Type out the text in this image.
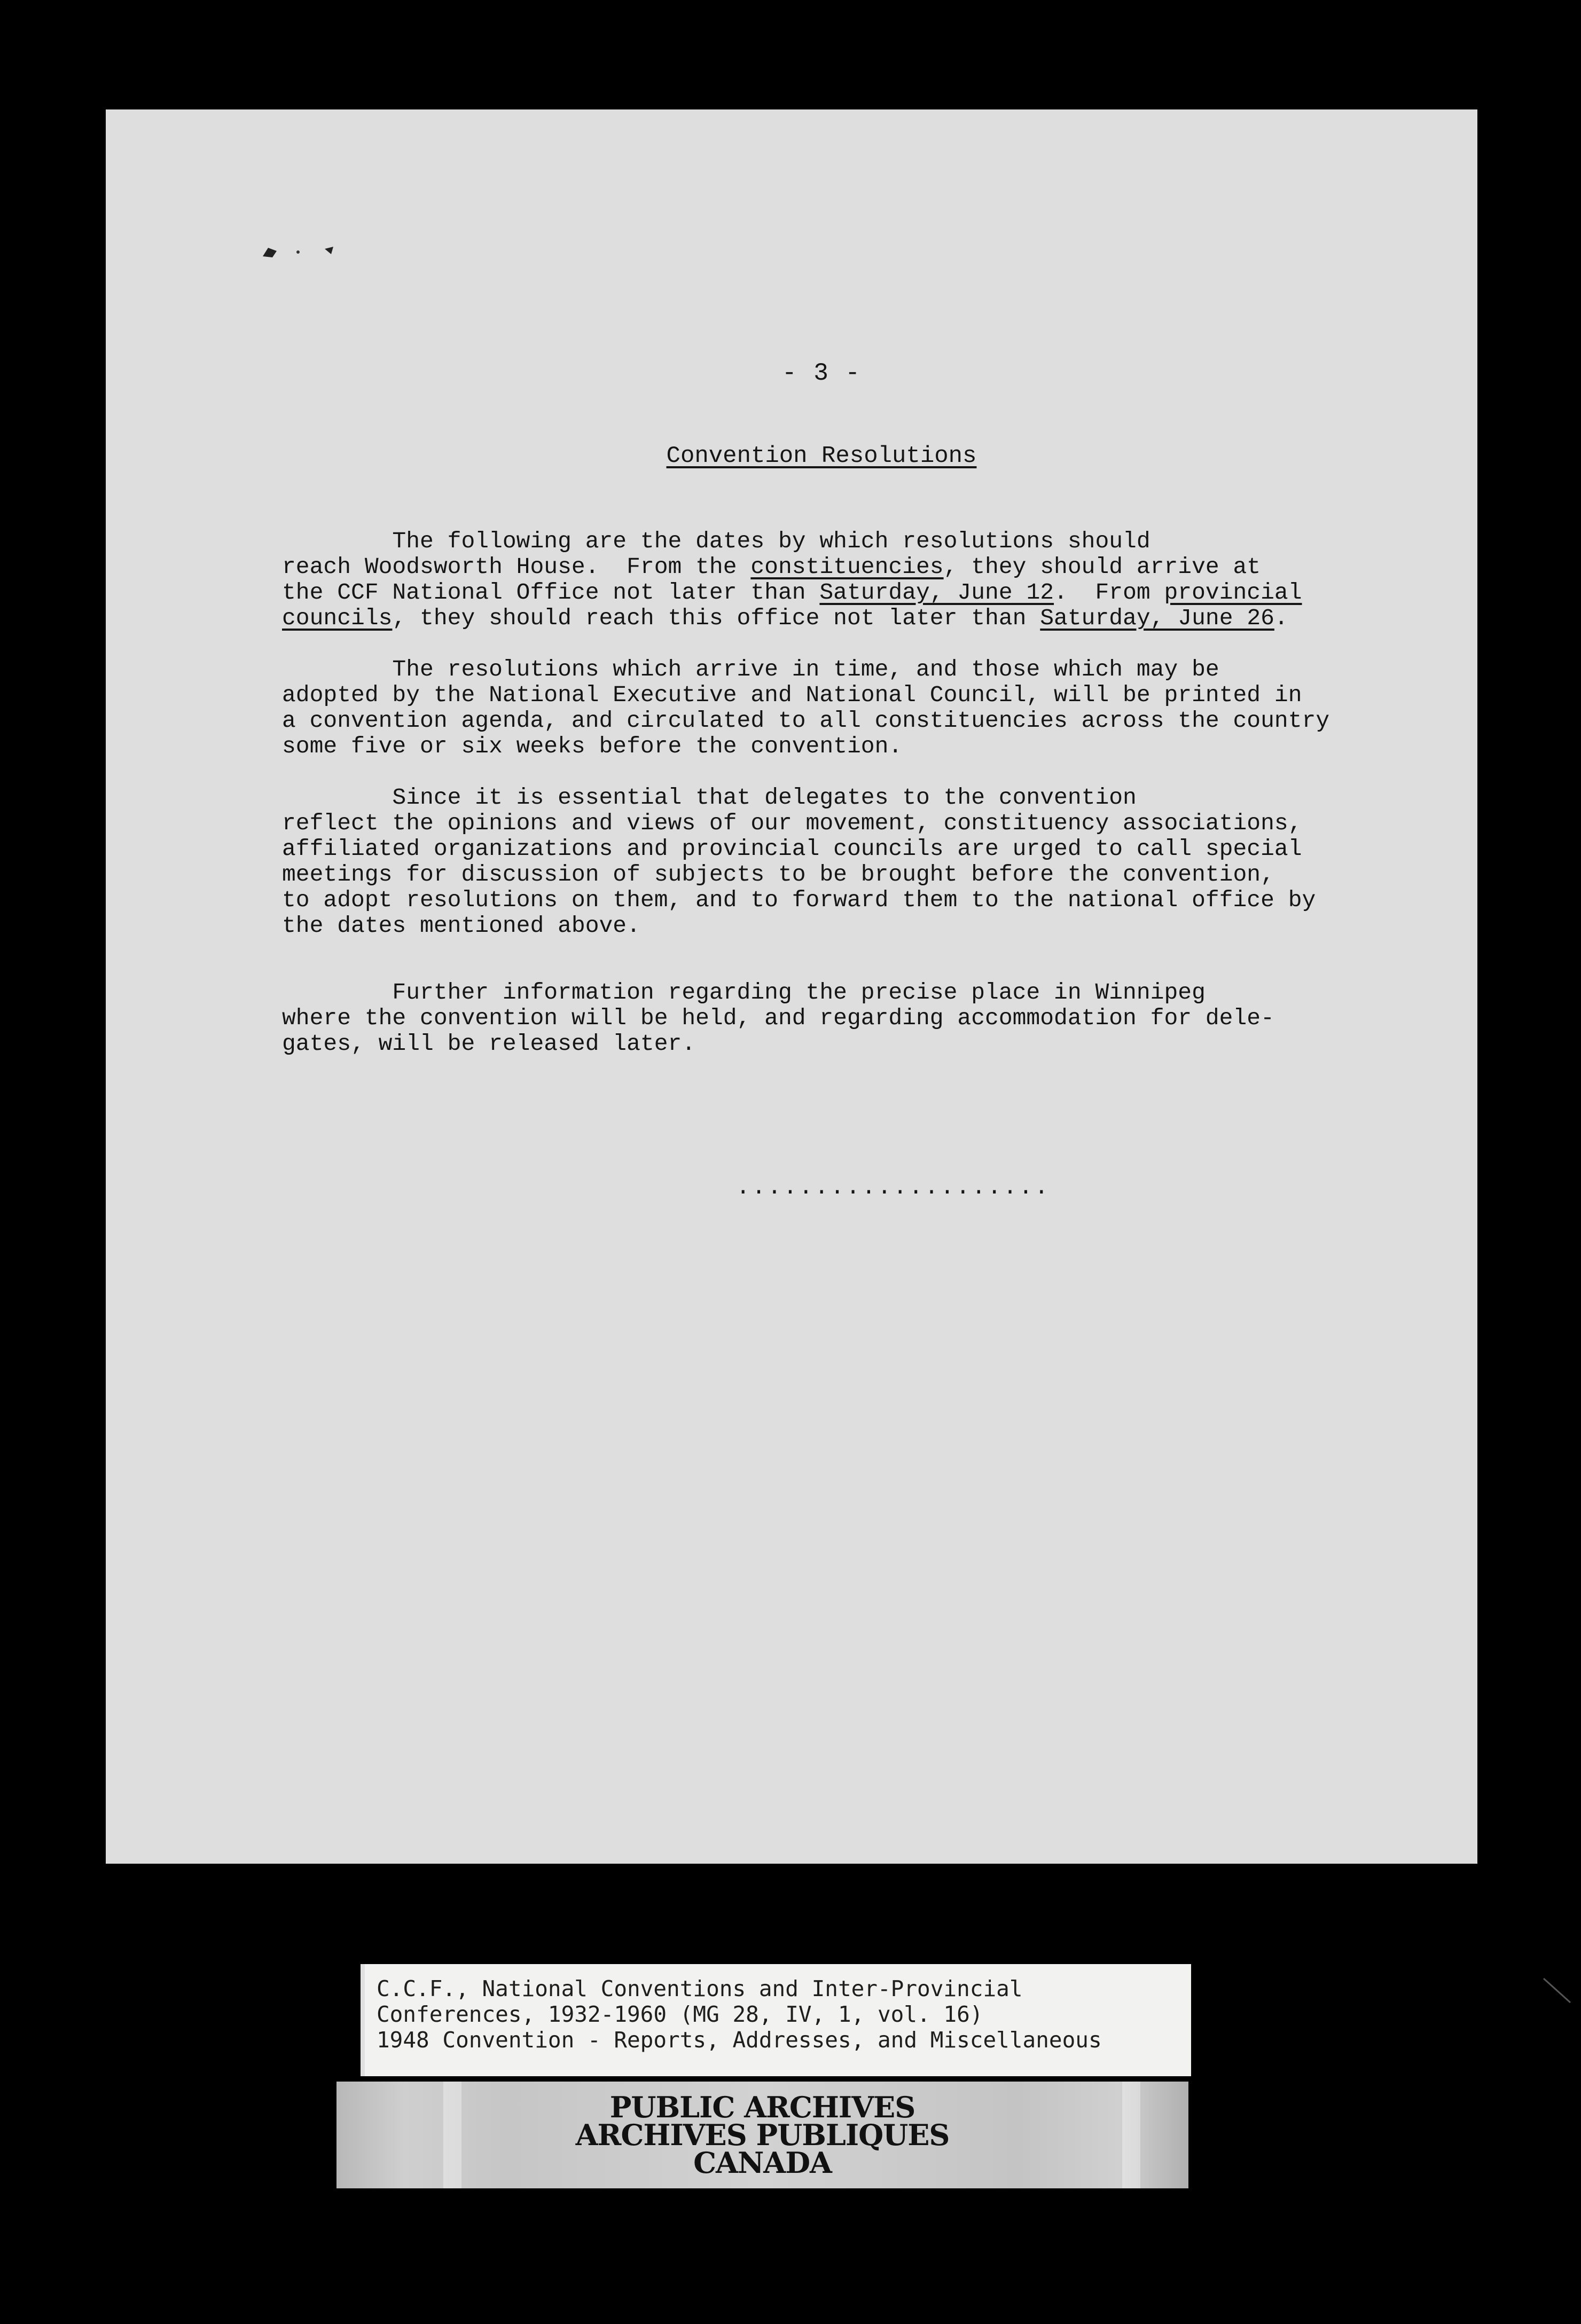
- 3 -
Convention Resolutions
The following are the dates by which resolutions should
reach Woodsworth House.  From the constituencies, they should arrive at
the CCF National Office not later than Saturday, June 12.  From provincial
councils, they should reach this office not later than Saturday, June 26.
The resolutions which arrive in time, and those which may be
adopted by the National Executive and National Council, will be printed in
a convention agenda, and circulated to all constituencies across the country
some five or six weeks before the convention.
Since it is essential that delegates to the convention
reflect the opinions and views of our movement, constituency associations,
affiliated organizations and provincial councils are urged to call special
meetings for discussion of subjects to be brought before the convention,
to adopt resolutions on them, and to forward them to the national office by
the dates mentioned above.
Further information regarding the precise place in Winnipeg
where the convention will be held, and regarding accommodation for dele-
gates, will be released later.
....................
C.C.F., National Conventions and Inter-Provincial
Conferences, 1932-1960 (MG 28, IV, 1, vol. 16)
1948 Convention - Reports, Addresses, and Miscellaneous
PUBLIC ARCHIVES
ARCHIVES PUBLIQUES
CANADA
